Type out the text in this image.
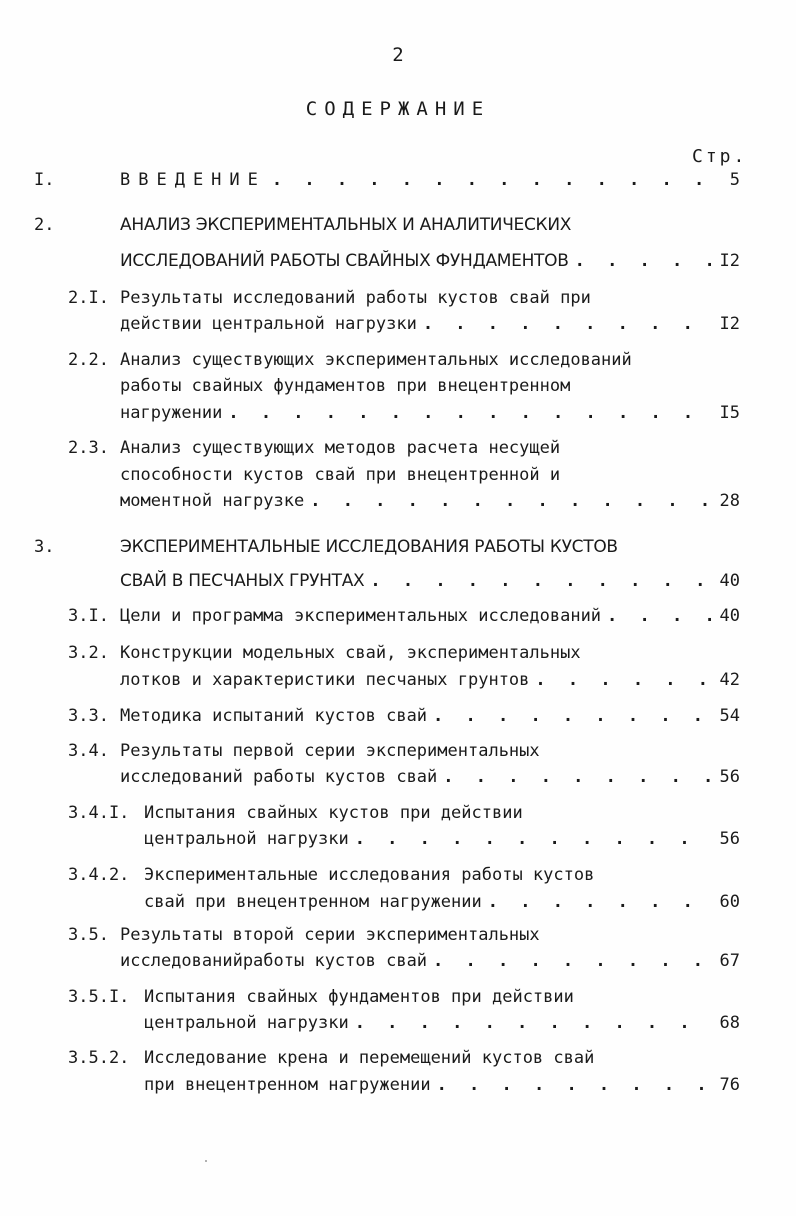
2
СОДЕРЖАНИЕ
Стр.
I.	ВВЕДЕНИЕ . . .	5
2.	АНАЛИЗ ЭКСПЕРИМЕНТАЛЬНЫХ И АНАЛИТИЧЕСКИХ
ИССЛЕДОВАНИЙ РАБОТЫ СВАЙНЫХ ФУНДАМЕНТОВ . . .	I2
2.I. Результаты исследований работы кустов свай при
действии центральной нагрузки . . .	I2
2.2. Анализ существующих экспериментальных исследований
работы свайных фундаментов при внецентренном
нагружении . . .	I5
2.3. Анализ существующих методов расчета несущей
способности кустов свай при внецентренной и
моментной нагрузке . . .	28
3.	ЭКСПЕРИМЕНТАЛЬНЫЕ ИССЛЕДОВАНИЯ РАБОТЫ КУСТОВ
СВАЙ В ПЕСЧАНЫХ ГРУНТАХ . . .	40
3.I. Цели и программа экспериментальных исследований . . .	40
3.2. Конструкции модельных свай, экспериментальных
лотков и характеристики песчаных грунтов . . .	42
3.3. Методика испытаний кустов свай . . .	54
3.4. Результаты первой серии экспериментальных
исследований работы кустов свай . . .	56
3.4.I. Испытания свайных кустов при действии
центральной нагрузки . . .	56
3.4.2. Экспериментальные исследования работы кустов
свай при внецентренном нагружении . . .	60
3.5. Результаты второй серии экспериментальных
исследованийработы кустов свай . . .	67
3.5.I. Испытания свайных фундаментов при действии
центральной нагрузки . . .	68
3.5.2. Исследование крена и перемещений кустов свай
при внецентренном нагружении . . .	76
